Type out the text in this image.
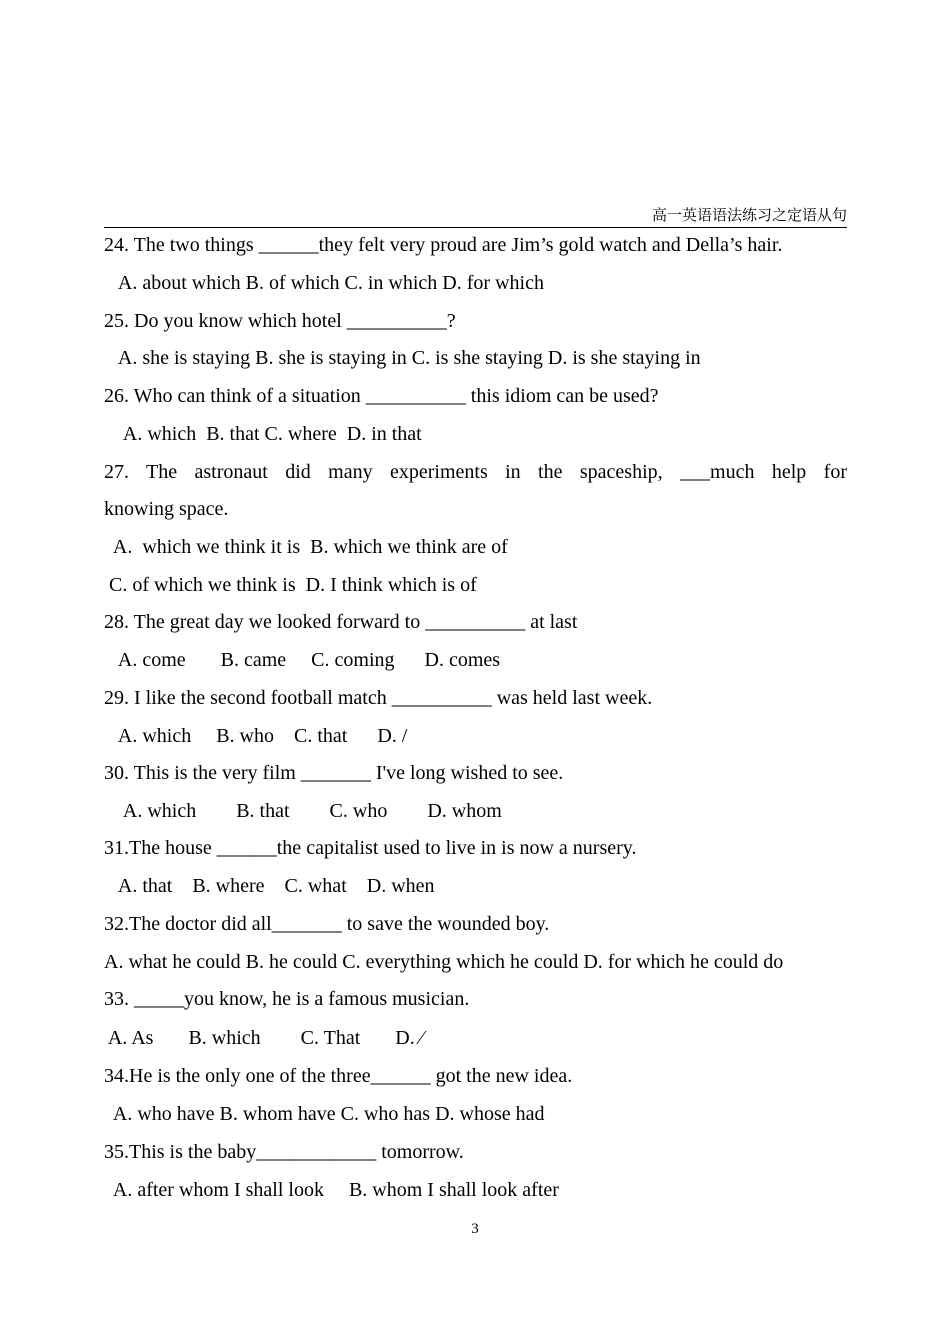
高一英语语法练习之定语从句
24. The two things ______they felt very proud are Jim’s gold watch and Della’s hair.
A. about which B. of which C. in which D. for which
25. Do you know which hotel __________?
A. she is staying B. she is staying in C. is she staying D. is she staying in
26. Who can think of a situation __________ this idiom can be used?
A. which  B. that C. where  D. in that
27. The astronaut did many experiments in the spaceship, ___much help for
knowing space.
A.  which we think it is  B. which we think are of
C. of which we think is  D. I think which is of
28. The great day we looked forward to __________ at last
A. come       B. came     C. coming      D. comes
29. I like the second football match __________ was held last week.
A. which     B. who    C. that      D. /
30. This is the very film _______ I've long wished to see.
A. which        B. that        C. who        D. whom
31.The house ______the capitalist used to live in is now a nursery.
A. that    B. where    C. what    D. when
32.The doctor did all_______ to save the wounded boy.
A. what he could B. he could C. everything which he could D. for which he could do
33. _____you know, he is a famous musician.
A. As       B. which        C. That       D. ∕
34.He is the only one of the three______ got the new idea.
A. who have B. whom have C. who has D. whose had
35.This is the baby____________ tomorrow.
A. after whom I shall look     B. whom I shall look after
3
